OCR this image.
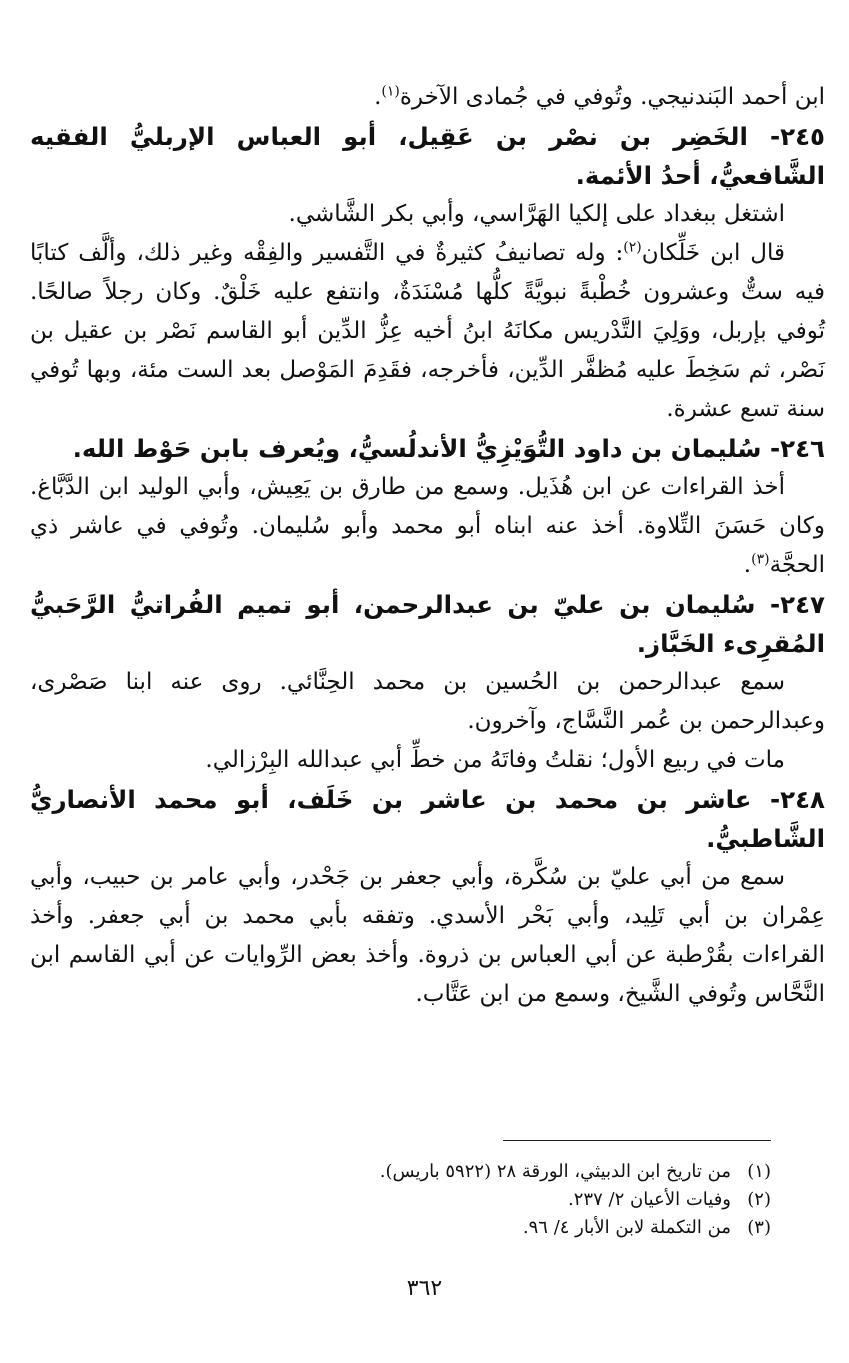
ابن أحمد البَندنيجي. وتُوفي في جُمادى الآخرة$^{(١)}$.

٢٤٥- الخَضِر بن نصْر بن عَقِيل، أبو العباس الإربليُّ الفقيه الشَّافعيُّ، أحدُ الأئمة.

اشتغل ببغداد على إلكيا الهَرَّاسي، وأبي بكر الشَّاشي.

قال ابن خَلِّكان$^{(٢)}$: وله تصانيفُ كثيرةٌ في التَّفسير والفِقْه وغير ذلك، وألَّف كتابًا فيه ستٌّ وعشرون خُطْبةً نبويَّةً كلُّها مُسْنَدَةٌ، وانتفع عليه خَلْقٌ. وكان رجلاً صالحًا. تُوفي بإربل، ووَلِيَ التَّدْريس مكانَهُ ابنُ أخيه عِزُّ الدِّين أبو القاسم نَصْر بن عقيل بن نَصْر، ثم سَخِطَ عليه مُظفَّر الدِّين، فأخرجه، فقَدِمَ المَوْصل بعد الست مئة، وبها تُوفي سنة تسع عشرة.

٢٤٦- سُليمان بن داود التُّوَيْزِيُّ الأندلُسيُّ، ويُعرف بابن حَوْط الله.

أخذ القراءات عن ابن هُذَيل. وسمع من طارق بن يَعِيش، وأبي الوليد ابن الدَّبَّاغ. وكان حَسَنَ التِّلاوة. أخذ عنه ابناه أبو محمد وأبو سُليمان. وتُوفي في عاشر ذي الحجَّة$^{(٣)}$.

٢٤٧- سُليمان بن عليّ بن عبدالرحمن، أبو تميم الفُراتيُّ الرَّحَبيُّ المُقرِىء الخَبَّاز.

سمع عبدالرحمن بن الحُسين بن محمد الحِنَّائي. روى عنه ابنا صَصْرى، وعبدالرحمن بن عُمر النَّسَّاج، وآخرون.

مات في ربيع الأول؛ نقلتُ وفاتَهُ من خطِّ أبي عبدالله البِرْزالي.

٢٤٨- عاشر بن محمد بن عاشر بن خَلَف، أبو محمد الأنصاريُّ الشَّاطبيُّ.

سمع من أبي عليّ بن سُكَّرة، وأبي جعفر بن جَحْدر، وأبي عامر بن حبيب، وأبي عِمْران بن أبي تَلِيد، وأبي بَحْر الأسدي. وتفقه بأبي محمد بن أبي جعفر. وأخذ القراءات بقُرْطبة عن أبي العباس بن ذروة. وأخذ بعض الرِّوايات عن أبي القاسم ابن النَّحَّاس وتُوفي الشَّيخ، وسمع من ابن عَتَّاب.

(١)من تاريخ ابن الدبيثي، الورقة ٢٨ (٥٩٢٢ باريس).
(٢)وفيات الأعيان ٢/ ٢٣٧.
(٣)من التكملة لابن الأبار ٤/ ٩٦.
٣٦٢
